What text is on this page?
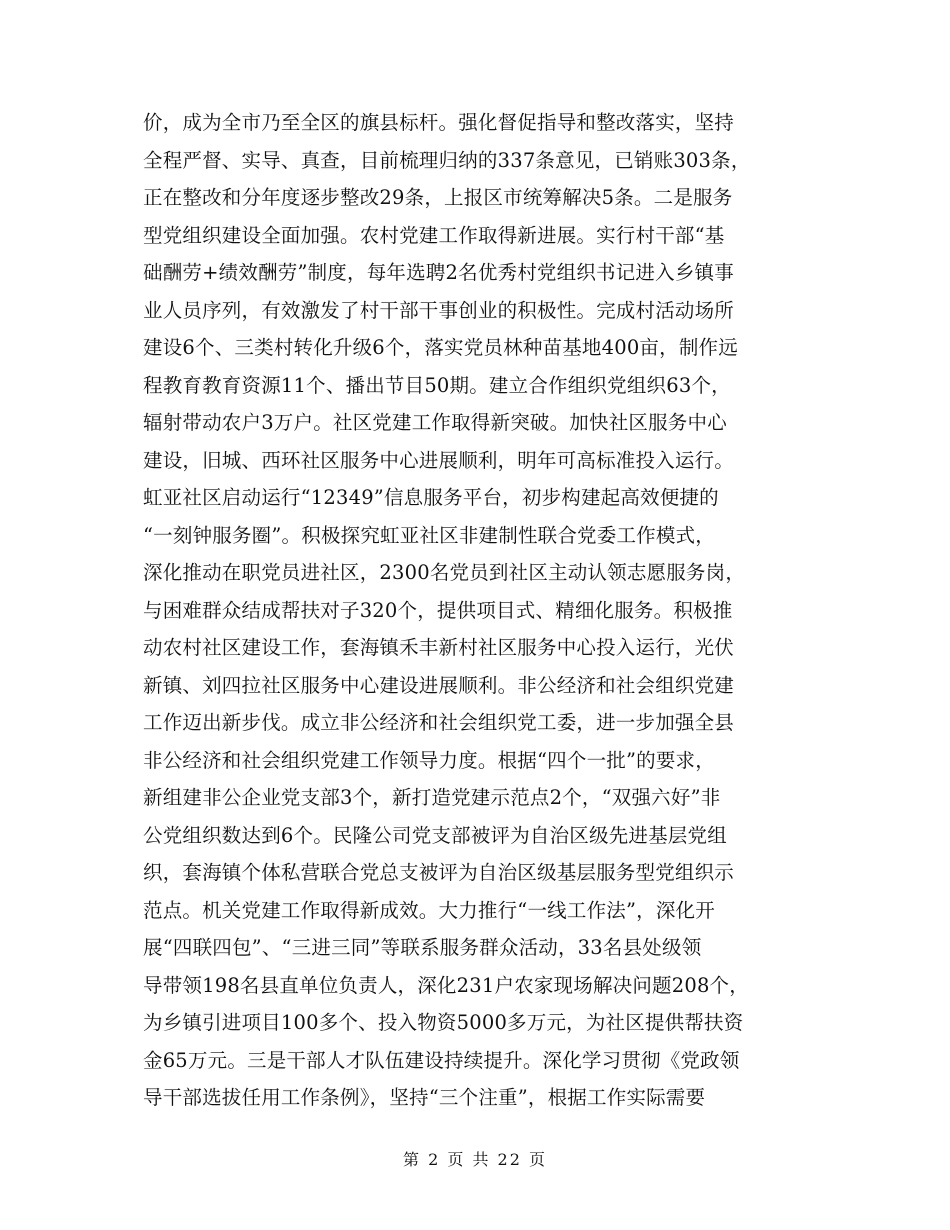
价，成为全市乃至全区的旗县标杆。强化督促指导和整改落实，坚持
全程严督、实导、真查，目前梳理归纳的337条意见，已销账303条，
正在整改和分年度逐步整改29条，上报区市统筹解决5条。二是服务
型党组织建设全面加强。农村党建工作取得新进展。实行村干部“基
础酬劳+绩效酬劳”制度，每年选聘2名优秀村党组织书记进入乡镇事
业人员序列，有效激发了村干部干事创业的积极性。完成村活动场所
建设6个、三类村转化升级6个，落实党员林种苗基地400亩，制作远
程教育教育资源11个、播出节目50期。建立合作组织党组织63个，
辐射带动农户3万户。社区党建工作取得新突破。加快社区服务中心
建设，旧城、西环社区服务中心进展顺利，明年可高标准投入运行。
虹亚社区启动运行“12349”信息服务平台，初步构建起高效便捷的
“一刻钟服务圈”。积极探究虹亚社区非建制性联合党委工作模式，
深化推动在职党员进社区，2300名党员到社区主动认领志愿服务岗，
与困难群众结成帮扶对子320个，提供项目式、精细化服务。积极推
动农村社区建设工作，套海镇禾丰新村社区服务中心投入运行，光伏
新镇、刘四拉社区服务中心建设进展顺利。非公经济和社会组织党建
工作迈出新步伐。成立非公经济和社会组织党工委，进一步加强全县
非公经济和社会组织党建工作领导力度。根据“四个一批”的要求，
新组建非公企业党支部3个，新打造党建示范点2个，“双强六好”非
公党组织数达到6个。民隆公司党支部被评为自治区级先进基层党组
织，套海镇个体私营联合党总支被评为自治区级基层服务型党组织示
范点。机关党建工作取得新成效。大力推行“一线工作法”，深化开
展“四联四包”、“三进三同”等联系服务群众活动，33名县处级领
导带领198名县直单位负责人，深化231户农家现场解决问题208个，
为乡镇引进项目100多个、投入物资5000多万元，为社区提供帮扶资
金65万元。三是干部人才队伍建设持续提升。深化学习贯彻《党政领
导干部选拔任用工作条例》，坚持“三个注重”，根据工作实际需要
第 2 页 共 22 页
